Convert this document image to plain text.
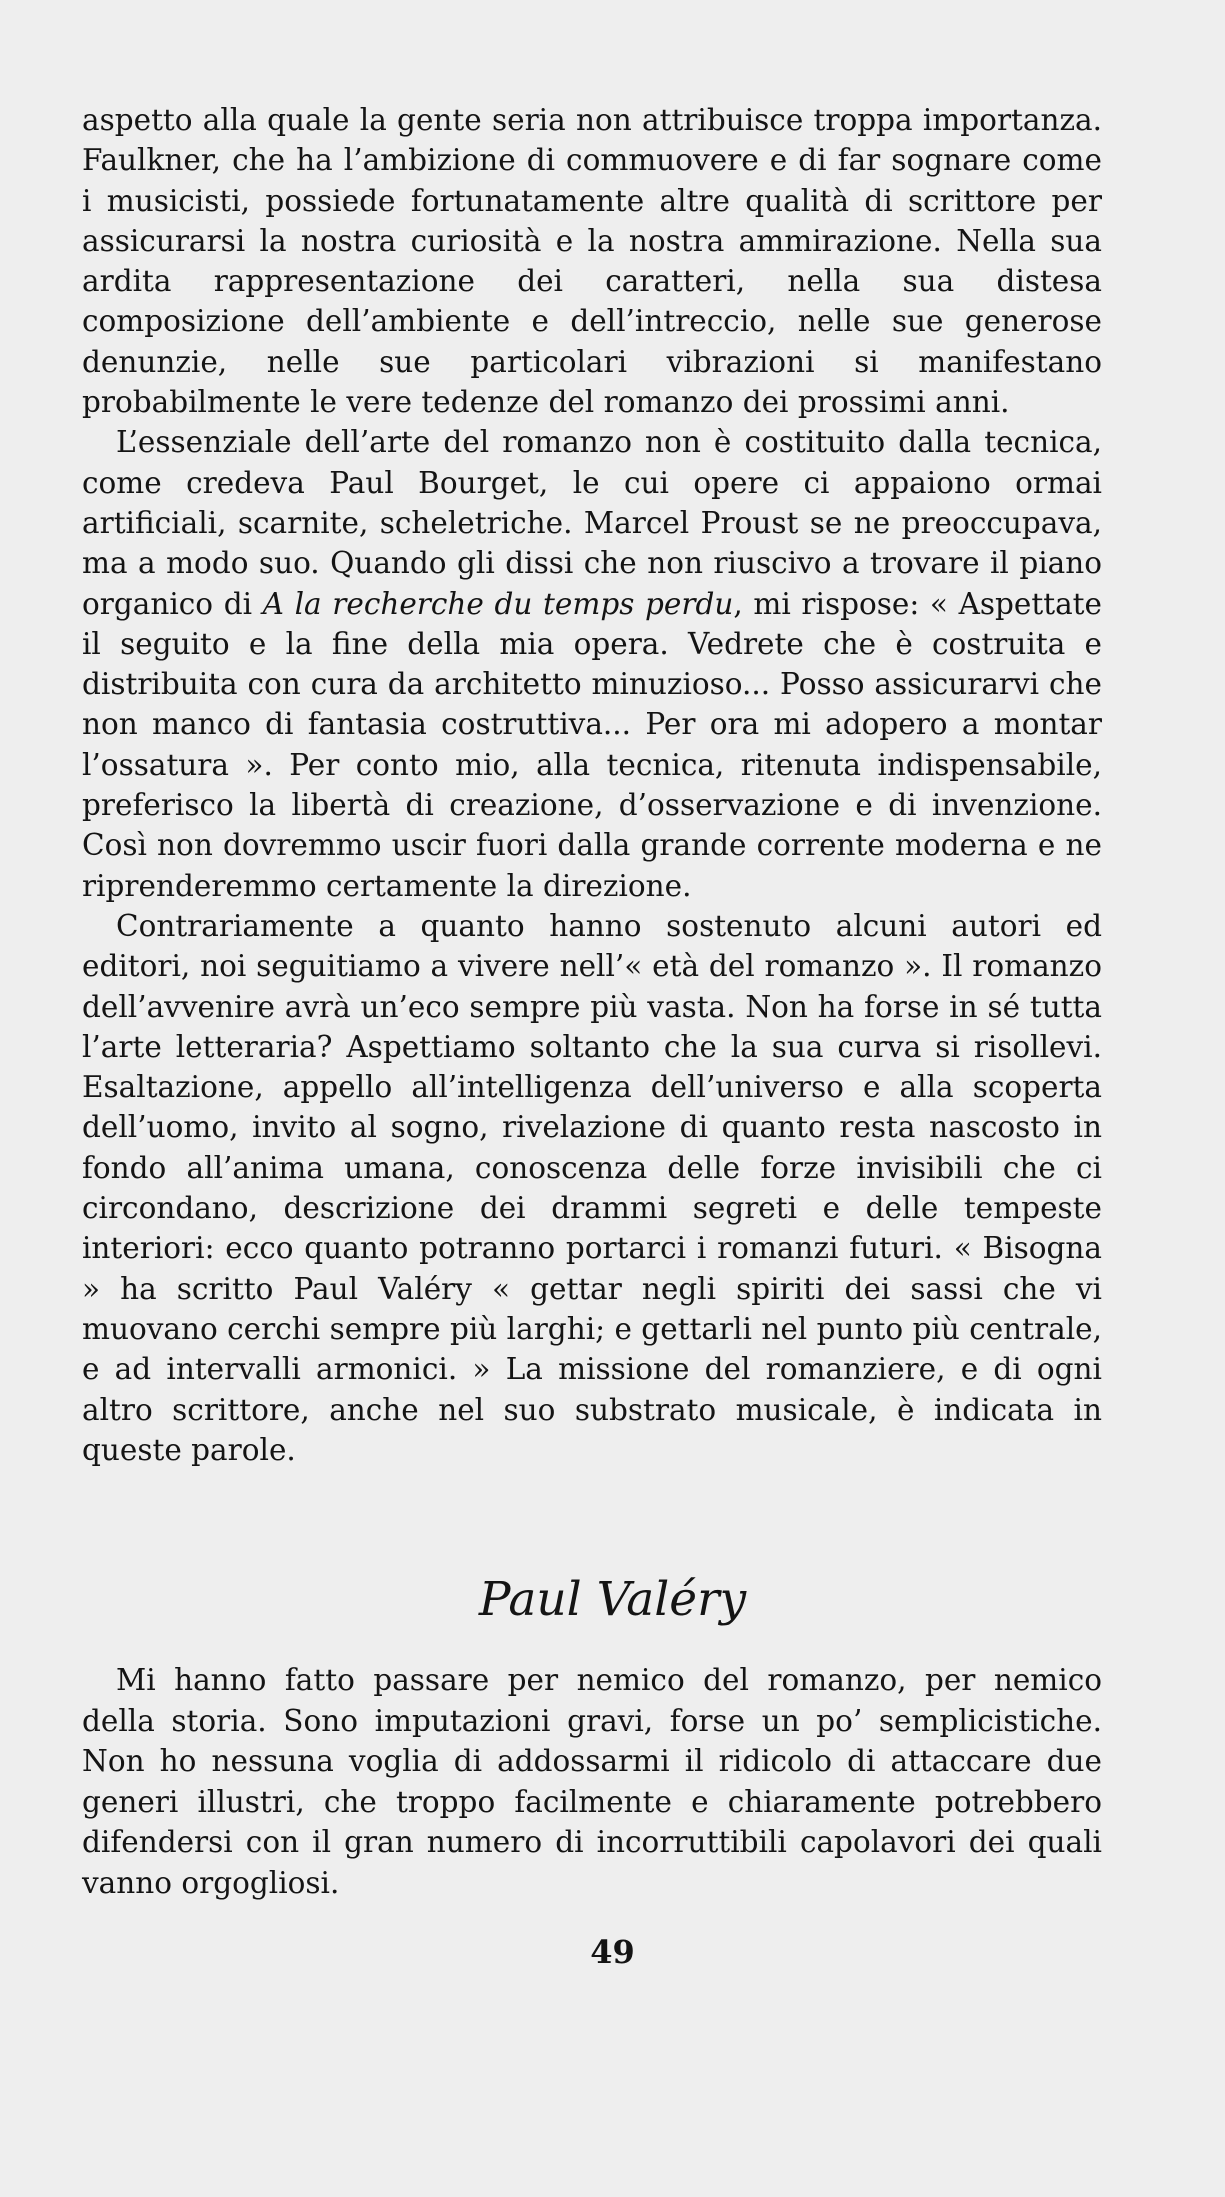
aspetto alla quale la gente seria non attribuisce troppa importanza. Faulkner, che ha l’ambizione di commuovere e di far sognare come i musicisti, possiede fortunatamente altre qualità di scrittore per assicurarsi la nostra curiosità e la nostra ammirazione. Nella sua ardita rappresentazione dei caratteri, nella sua distesa composizione dell’ambiente e dell’intreccio, nelle sue generose denunzie, nelle sue particolari vibrazioni si manifestano probabilmente le vere tedenze del romanzo dei prossimi anni.

L’essenziale dell’arte del romanzo non è costituito dalla tecnica, come credeva Paul Bourget, le cui opere ci appaiono ormai artificiali, scarnite, scheletriche. Marcel Proust se ne preoccupava, ma a modo suo. Quando gli dissi che non riuscivo a trovare il piano organico di A la recherche du temps perdu, mi rispose: « Aspettate il seguito e la fine della mia opera. Vedrete che è costruita e distribuita con cura da architetto minuzioso... Posso assicurarvi che non manco di fantasia costruttiva... Per ora mi adopero a montar l’ossatura ». Per conto mio, alla tecnica, ritenuta indispensabile, preferisco la libertà di creazione, d’osservazione e di invenzione. Così non dovremmo uscir fuori dalla grande corrente moderna e ne riprenderemmo certamente la direzione.

Contrariamente a quanto hanno sostenuto alcuni autori ed editori, noi seguitiamo a vivere nell’« età del romanzo ». Il romanzo dell’avvenire avrà un’eco sempre più vasta. Non ha forse in sé tutta l’arte letteraria? Aspettiamo soltanto che la sua curva si risollevi. Esaltazione, appello all’intelligenza dell’universo e alla scoperta dell’uomo, invito al sogno, rivelazione di quanto resta nascosto in fondo all’anima umana, conoscenza delle forze invisibili che ci circondano, descrizione dei drammi segreti e delle tempeste interiori: ecco quanto potranno portarci i romanzi futuri. « Bisogna » ha scritto Paul Valéry « gettar negli spiriti dei sassi che vi muovano cerchi sempre più larghi; e gettarli nel punto più centrale, e ad intervalli armonici. » La missione del romanziere, e di ogni altro scrittore, anche nel suo substrato musicale, è indicata in queste parole.

Paul Valéry

Mi hanno fatto passare per nemico del romanzo, per nemico della storia. Sono imputazioni gravi, forse un po’ semplicistiche. Non ho nessuna voglia di addossarmi il ridicolo di attaccare due generi illustri, che troppo facilmente e chiaramente potrebbero difendersi con il gran numero di incorruttibili capolavori dei quali vanno orgogliosi.

49
